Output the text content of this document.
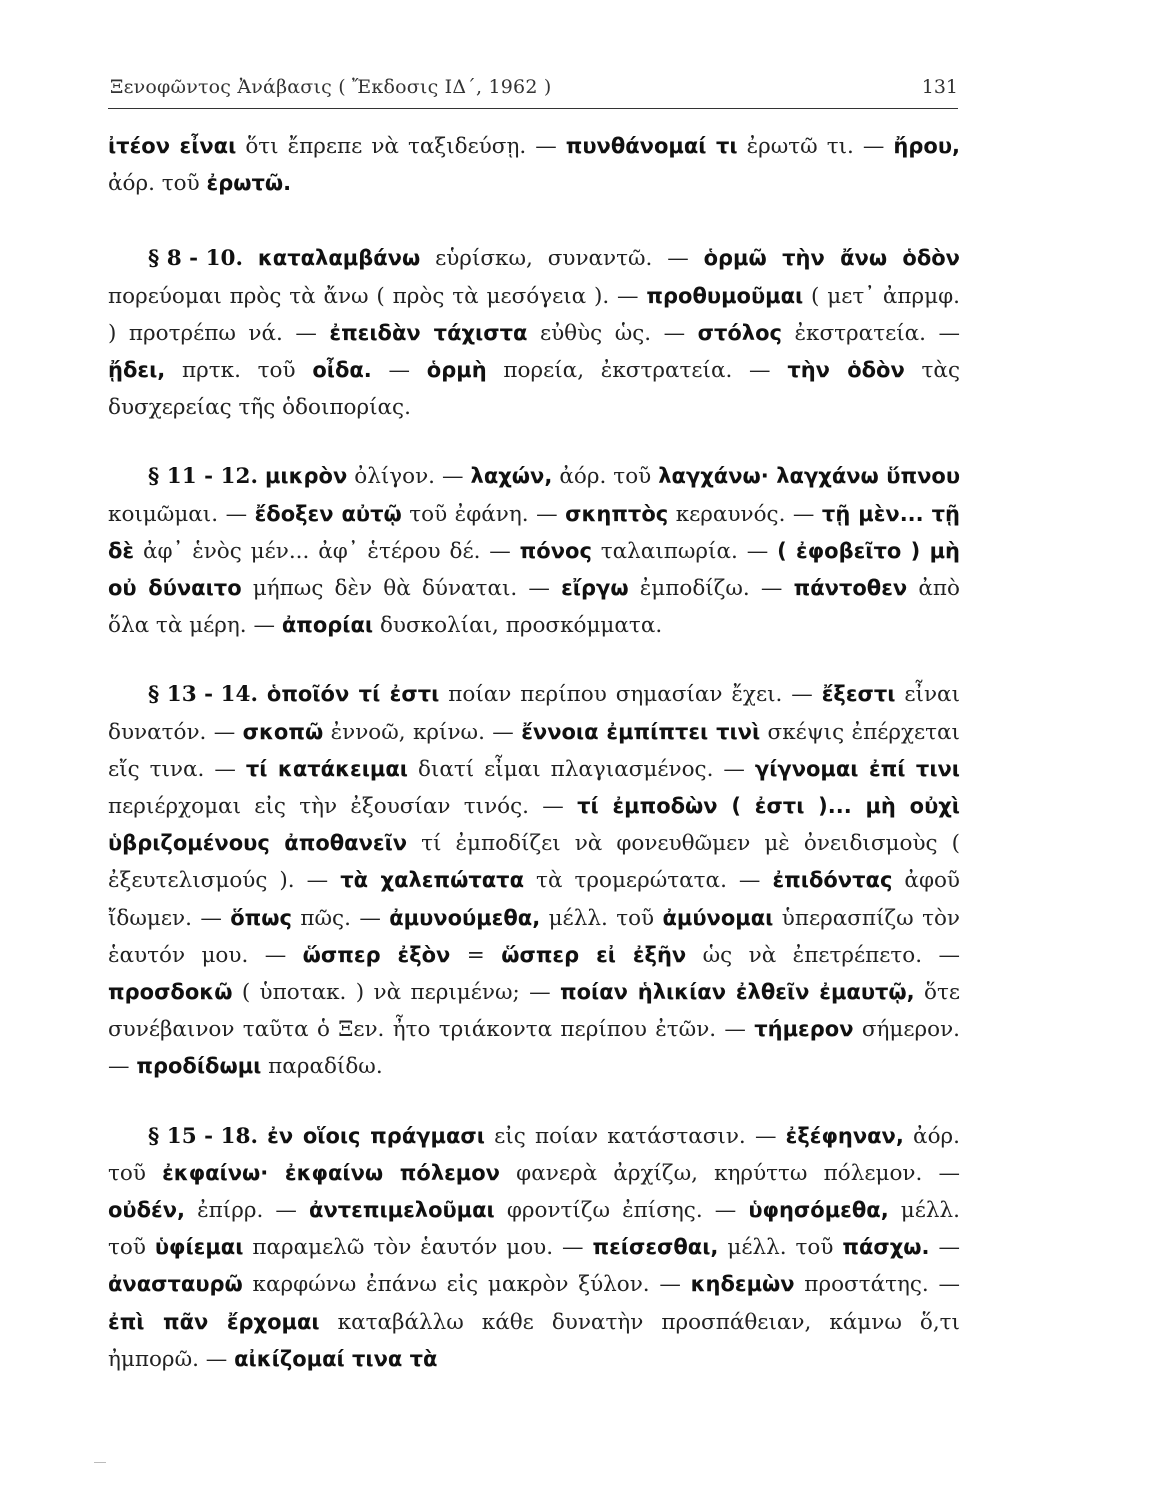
Ξενοφῶντος Ἀνάβασις ( Ἔκδοσις ΙΔ´, 1962 )	131

ἰτέον εἶναι ὅτι ἔπρεπε νὰ ταξιδεύσῃ. — πυνθάνομαί τι ἐρωτῶ τι. — ἤρου, ἀόρ. τοῦ ἐρωτῶ.

§ 8 - 10. καταλαμβάνω εὑρίσκω, συναντῶ. — ὁρμῶ τὴν ἄνω ὁδὸν πορεύομαι πρὸς τὰ ἄνω ( πρὸς τὰ μεσόγεια ). — προθυμοῦμαι ( μετ᾽ ἀπρμφ. ) προτρέπω νά. — ἐπειδὰν τάχιστα εὐθὺς ὡς. — στόλος ἐκστρατεία. — ᾔδει, πρτκ. τοῦ οἶδα. — ὁρμὴ πορεία, ἐκστρατεία. — τὴν ὁδὸν τὰς δυσχερείας τῆς ὁδοιπορίας.

§ 11 - 12. μικρὸν ὀλίγον. — λαχών, ἀόρ. τοῦ λαγχάνω· λαγχάνω ὕπνου κοιμῶμαι. — ἔδοξεν αὐτῷ τοῦ ἐφάνη. — σκηπτὸς κεραυνός. — τῇ μὲν... τῇ δὲ ἀφ᾽ ἑνὸς μέν... ἀφ᾽ ἑτέρου δέ. — πόνος ταλαιπωρία. — ( ἐφοβεῖτο ) μὴ οὐ δύναιτο μήπως δὲν θὰ δύναται. — εἴργω ἐμποδίζω. — πάντοθεν ἀπὸ ὅλα τὰ μέρη. — ἀπορίαι δυσκολίαι, προσκόμματα.

§ 13 - 14. ὁποῖόν τί ἐστι ποίαν περίπου σημασίαν ἔχει. — ἔξεστι εἶναι δυνατόν. — σκοπῶ ἐννοῶ, κρίνω. — ἔννοια ἐμπίπτει τινὶ σκέψις ἐπέρχεται εἴς τινα. — τί κατάκειμαι διατί εἶμαι πλαγιασμένος. — γίγνομαι ἐπί τινι περιέρχομαι εἰς τὴν ἐξουσίαν τινός. — τί ἐμποδὼν ( ἐστι )... μὴ οὐχὶ ὑβριζομένους ἀποθανεῖν τί ἐμποδίζει νὰ φονευθῶμεν μὲ ὀνειδισμοὺς ( ἐξευτελισμούς ). — τὰ χαλεπώτατα τὰ τρομερώτατα. — ἐπιδόντας ἀφοῦ ἴδωμεν. — ὅπως πῶς. — ἀμυνούμεθα, μέλλ. τοῦ ἀμύνομαι ὑπερασπίζω τὸν ἑαυτόν μου. — ὥσπερ ἐξὸν = ὥσπερ εἰ ἐξῆν ὡς νὰ ἐπετρέπετο. — προσδοκῶ ( ὑποτακ. ) νὰ περιμένω; — ποίαν ἡλικίαν ἐλθεῖν ἐμαυτῷ, ὅτε συνέβαινον ταῦτα ὁ Ξεν. ἦτο τριάκοντα περίπου ἐτῶν. — τήμερον σήμερον. — προδίδωμι παραδίδω.

§ 15 - 18. ἐν οἵοις πράγμασι εἰς ποίαν κατάστασιν. — ἐξέφηναν, ἀόρ. τοῦ ἐκφαίνω· ἐκφαίνω πόλεμον φανερὰ ἀρχίζω, κηρύττω πόλεμον. — οὐδέν, ἐπίρρ. — ἀντεπιμελοῦμαι φροντίζω ἐπίσης. — ὑφησόμεθα, μέλλ. τοῦ ὑφίεμαι παραμελῶ τὸν ἑαυτόν μου. — πείσεσθαι, μέλλ. τοῦ πάσχω. — ἀνασταυρῶ καρφώνω ἐπάνω εἰς μακρὸν ξύλον. — κηδεμὼν προστάτης. — ἐπὶ πᾶν ἔρχομαι καταβάλλω κάθε δυνατὴν προσπάθειαν, κάμνω ὅ,τι ἠμπορῶ. — αἰκίζομαί τινα τὰ
